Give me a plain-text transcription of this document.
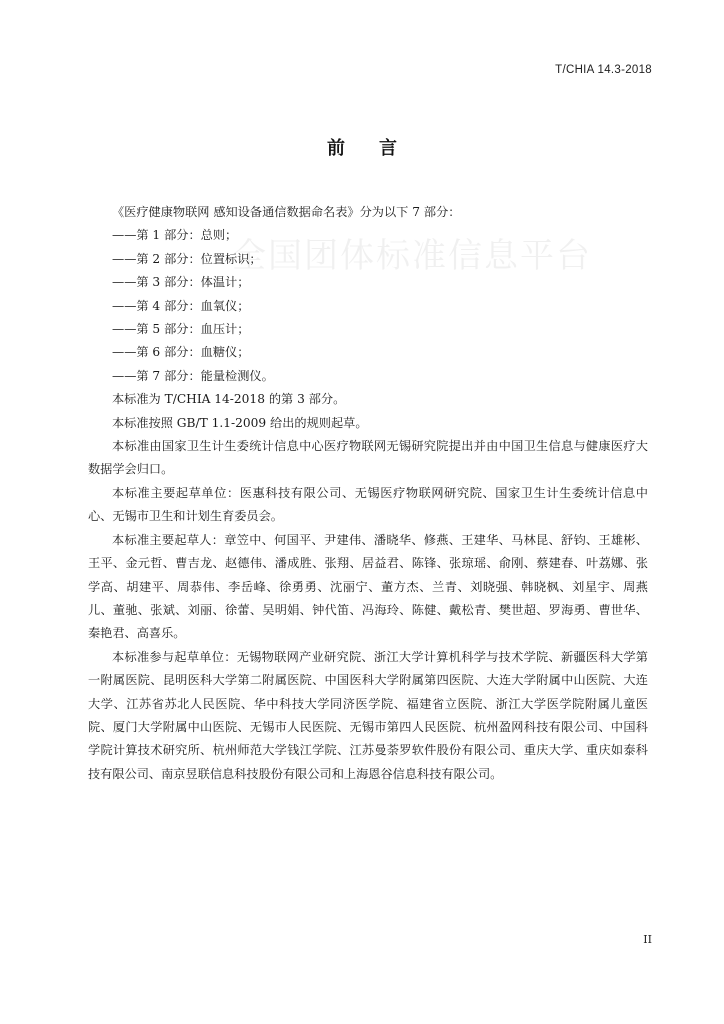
T/CHIA 14.3-2018
前言
全国团体标准信息平台

《医疗健康物联网 感知设备通信数据命名表》分为以下 7 部分：

——第 1 部分：总则；

——第 2 部分：位置标识；

——第 3 部分：体温计；

——第 4 部分：血氧仪；

——第 5 部分：血压计；

——第 6 部分：血糖仪；

——第 7 部分：能量检测仪。

本标准为 T/CHIA 14-2018 的第 3 部分。

本标准按照 GB/T 1.1-2009 给出的规则起草。

本标准由国家卫生计生委统计信息中心医疗物联网无锡研究院提出并由中国卫生信息与健康医疗大数据学会归口。

本标准主要起草单位：医惠科技有限公司、无锡医疗物联网研究院、国家卫生计生委统计信息中心、无锡市卫生和计划生育委员会。

本标准主要起草人：章笠中、何国平、尹建伟、潘晓华、修燕、王建华、马林昆、舒钧、王雄彬、王平、金元哲、曹吉龙、赵德伟、潘成胜、张翔、居益君、陈锋、张琼瑶、俞刚、蔡建春、叶荔娜、张学高、胡建平、周恭伟、李岳峰、徐勇勇、沈丽宁、董方杰、兰青、刘晓强、韩晓枫、刘星宇、周燕儿、董驰、张斌、刘丽、徐蕾、吴明娟、钟代笛、冯海玲、陈健、戴松青、樊世超、罗海勇、曹世华、秦艳君、高喜乐。

本标准参与起草单位：无锡物联网产业研究院、浙江大学计算机科学与技术学院、新疆医科大学第一附属医院、昆明医科大学第二附属医院、中国医科大学附属第四医院、大连大学附属中山医院、大连大学、江苏省苏北人民医院、华中科技大学同济医学院、福建省立医院、浙江大学医学院附属儿童医院、厦门大学附属中山医院、无锡市人民医院、无锡市第四人民医院、杭州盈网科技有限公司、中国科学院计算技术研究所、杭州师范大学钱江学院、江苏曼荼罗软件股份有限公司、重庆大学、重庆如泰科技有限公司、南京昱联信息科技股份有限公司和上海恩谷信息科技有限公司。

II
